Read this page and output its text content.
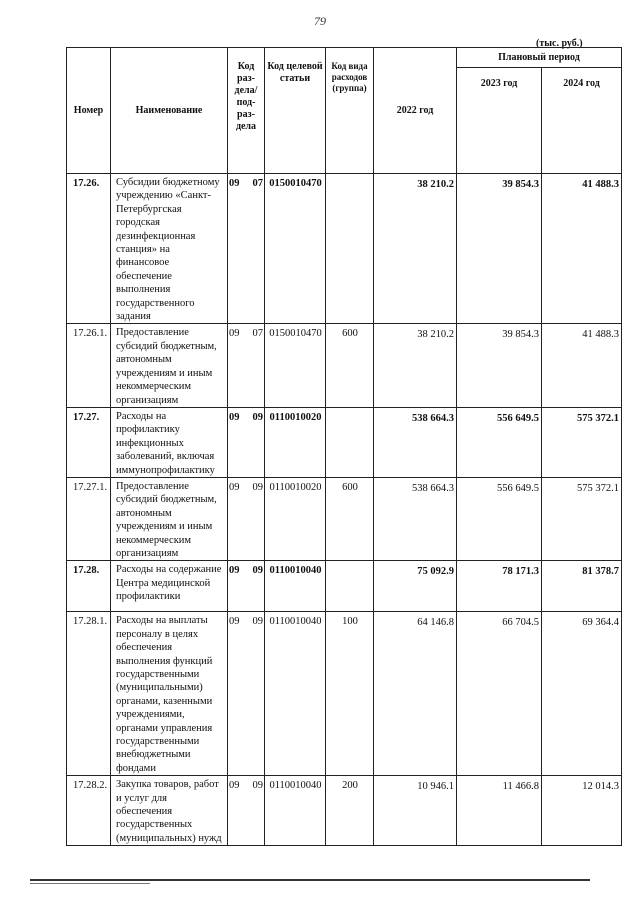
79
(тыс. руб.)
Номер	Наименование	Код раз-дела/ под-раз-дела	Код целевой статьи	Код вида расходов (группа)	2022 год	Плановый период	
						2023 год	2024 год
17.26.	Субсидии бюджетному учреждению «Санкт-Петербургская городская дезинфекционная станция» на финансовое обеспечение выполнения государственного задания	09 07	0150010470		38 210.2	39 854.3	41 488.3
17.26.1.	Предоставление субсидий бюджетным, автономным учреждениям и иным некоммерческим организациям	09 07	0150010470	600	38 210.2	39 854.3	41 488.3
17.27.	Расходы на профилактику инфекционных заболеваний, включая иммунопрофилактику	09 09	0110010020		538 664.3	556 649.5	575 372.1
17.27.1.	Предоставление субсидий бюджетным, автономным учреждениям и иным некоммерческим организациям	09 09	0110010020	600	538 664.3	556 649.5	575 372.1
17.28.	Расходы на содержание Центра медицинской профилактики	09 09	0110010040		75 092.9	78 171.3	81 378.7
17.28.1.	Расходы на выплаты персоналу в целях обеспечения выполнения функций государственными (муниципальными) органами, казенными учреждениями, органами управления государственными внебюджетными фондами	09 09	0110010040	100	64 146.8	66 704.5	69 364.4
17.28.2.	Закупка товаров, работ и услуг для обеспечения государственных (муниципальных) нужд	09 09	0110010040	200	10 946.1	11 466.8	12 014.3
